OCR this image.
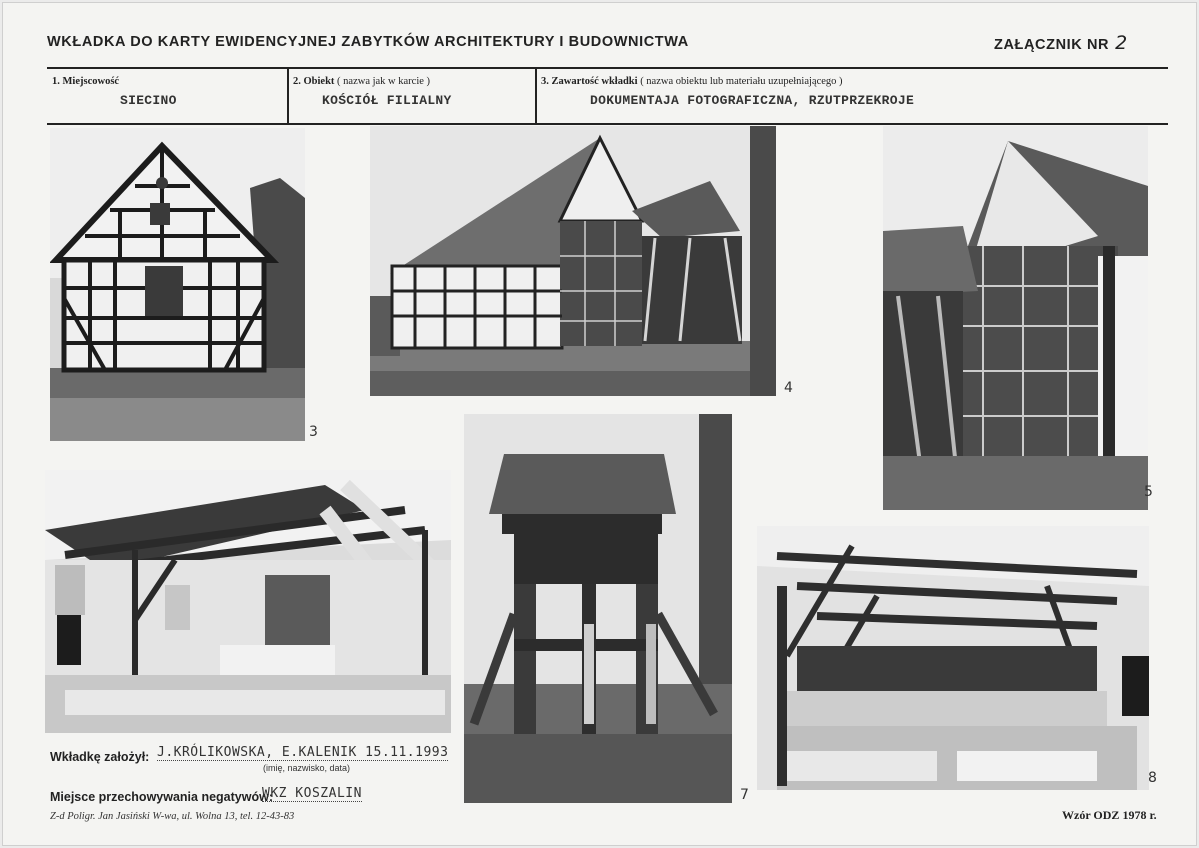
WKŁADKA DO KARTY EWIDENCYJNEJ ZABYTKÓW ARCHITEKTURY I BUDOWNICTWA	ZAŁĄCZNIK NR 2
1. Miejscowość
SIECINO
2. Obiekt ( nazwa jak w karcie )
KOŚCIÓŁ FILIALNY
3. Zawartość wkładki ( nazwa obiektu lub materiału uzupełniającego )
DOKUMENTAJA FOTOGRAFICZNA, RZUTPRZEKROJE
3
4
5
7
8
Wkładkę założył: J.KRÓLIKOWSKA, E.KALENIK 15.11.1993
(imię, nazwisko, data)
Miejsce przechowywania negatywów:
WKZ KOSZALIN
Z-d Poligr. Jan Jasiński W-wa, ul. Wolna 13, tel. 12-43-83	Wzór ODZ 1978 r.
